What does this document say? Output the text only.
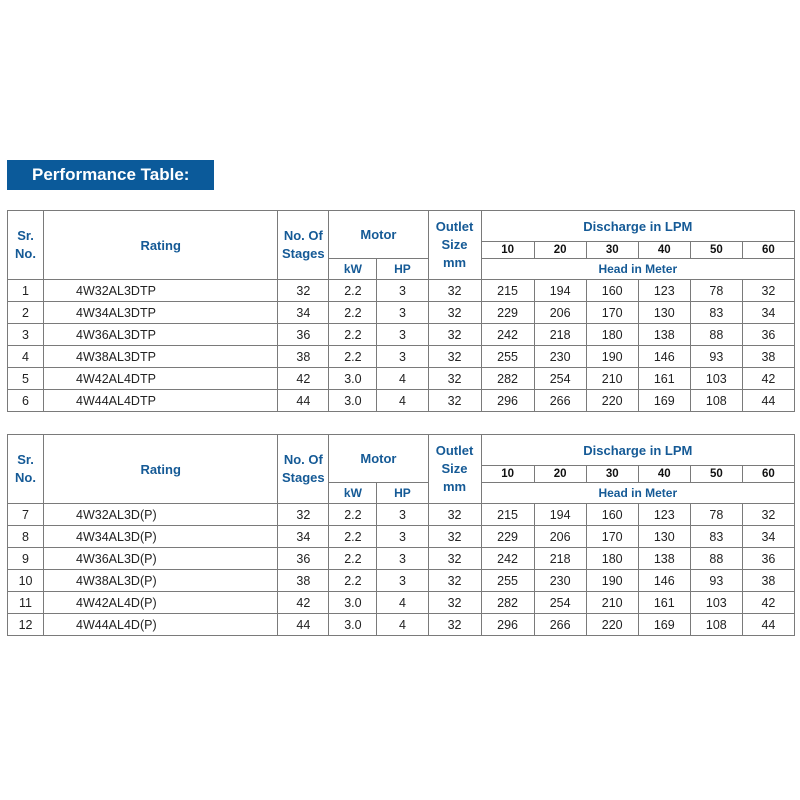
Performance Table:
Sr. No.	Rating	No. Of Stages	Motor		Outlet Size mm	Discharge in LPM					
						10	20	30	40	50	60
			kW	HP		Head in Meter					
1	4W32AL3DTP	32	2.2	3	32	215	194	160	123	78	32
2	4W34AL3DTP	34	2.2	3	32	229	206	170	130	83	34
3	4W36AL3DTP	36	2.2	3	32	242	218	180	138	88	36
4	4W38AL3DTP	38	2.2	3	32	255	230	190	146	93	38
5	4W42AL4DTP	42	3.0	4	32	282	254	210	161	103	42
6	4W44AL4DTP	44	3.0	4	32	296	266	220	169	108	44
Sr. No.	Rating	No. Of Stages	Motor		Outlet Size mm	Discharge in LPM					
						10	20	30	40	50	60
			kW	HP		Head in Meter					
7	4W32AL3D(P)	32	2.2	3	32	215	194	160	123	78	32
8	4W34AL3D(P)	34	2.2	3	32	229	206	170	130	83	34
9	4W36AL3D(P)	36	2.2	3	32	242	218	180	138	88	36
10	4W38AL3D(P)	38	2.2	3	32	255	230	190	146	93	38
11	4W42AL4D(P)	42	3.0	4	32	282	254	210	161	103	42
12	4W44AL4D(P)	44	3.0	4	32	296	266	220	169	108	44
